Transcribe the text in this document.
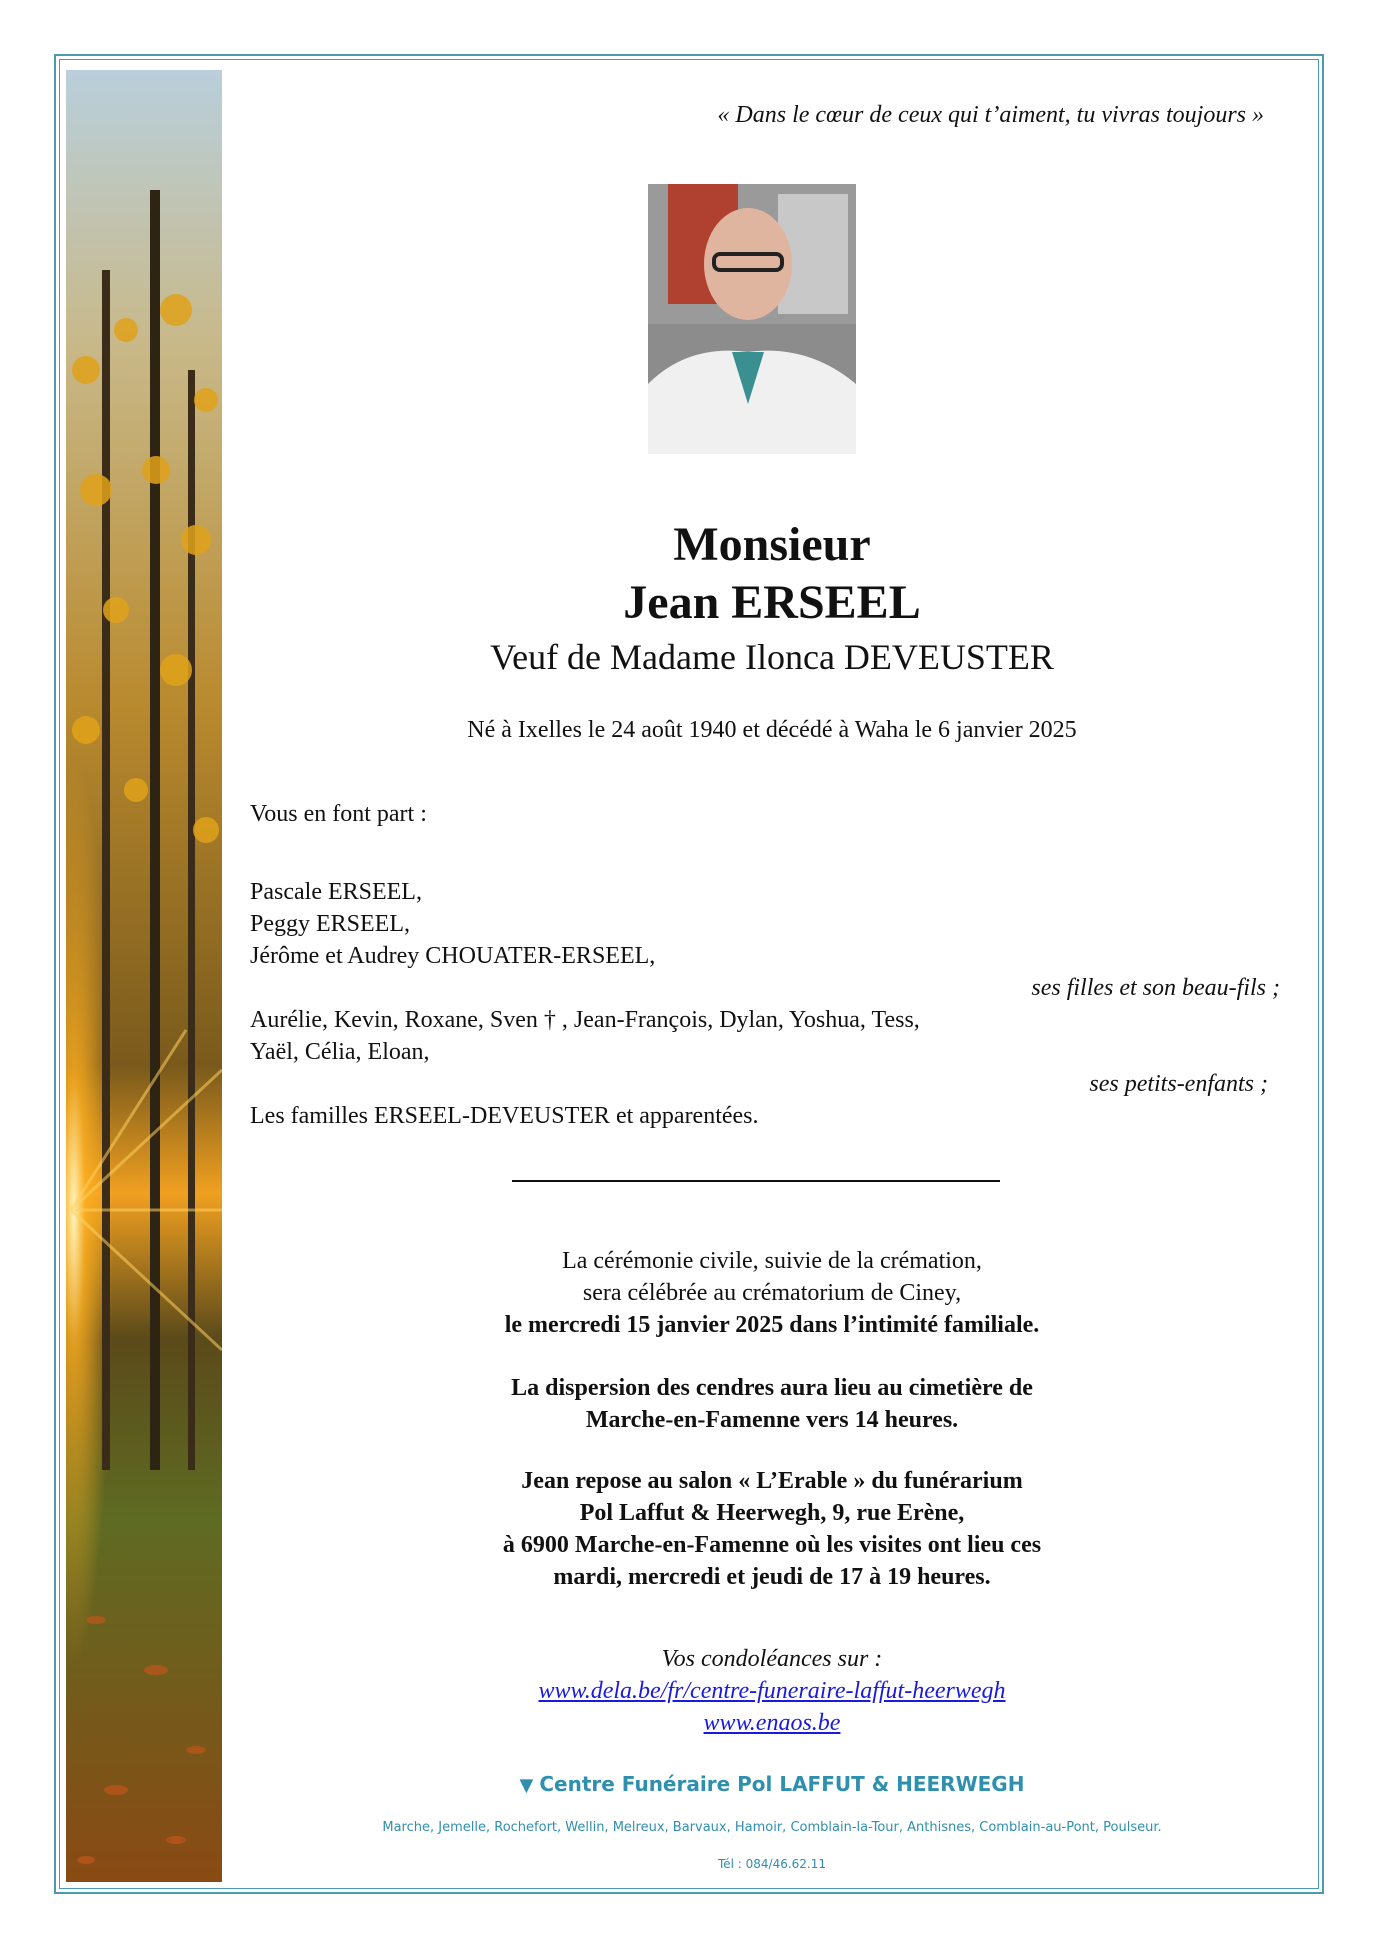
« Dans le cœur de ceux qui t’aiment, tu vivras toujours »
Monsieur
Jean ERSEEL
Veuf de Madame Ilonca DEVEUSTER
Né à Ixelles le 24 août 1940 et décédé à Waha le 6 janvier 2025
Vous en font part :
Pascale ERSEEL,
Peggy ERSEEL,
Jérôme et Audrey CHOUATER-ERSEEL,
ses filles et son beau-fils ;
Aurélie, Kevin, Roxane, Sven † , Jean-François, Dylan, Yoshua, Tess,
Yaël, Célia, Eloan,
ses petits-enfants ;
Les familles ERSEEL-DEVEUSTER et apparentées.
La cérémonie civile, suivie de la crémation,
sera célébrée au crématorium de Ciney,
le mercredi 15 janvier 2025 dans l’intimité familiale.
La dispersion des cendres aura lieu au cimetière de
Marche-en-Famenne vers 14 heures.
Jean repose au salon « L’Erable » du funérarium
Pol Laffut & Heerwegh, 9, rue Erène,
à 6900 Marche-en-Famenne où les visites ont lieu ces
mardi, mercredi et jeudi de 17 à 19 heures.
Vos condoléances sur :
www.dela.be/fr/centre-funeraire-laffut-heerwegh
www.enaos.be
▼ Centre Funéraire Pol LAFFUT & HEERWEGH
Marche, Jemelle, Rochefort, Wellin, Melreux, Barvaux, Hamoir, Comblain-la-Tour, Anthisnes, Comblain-au-Pont, Poulseur.
Tél : 084/46.62.11
